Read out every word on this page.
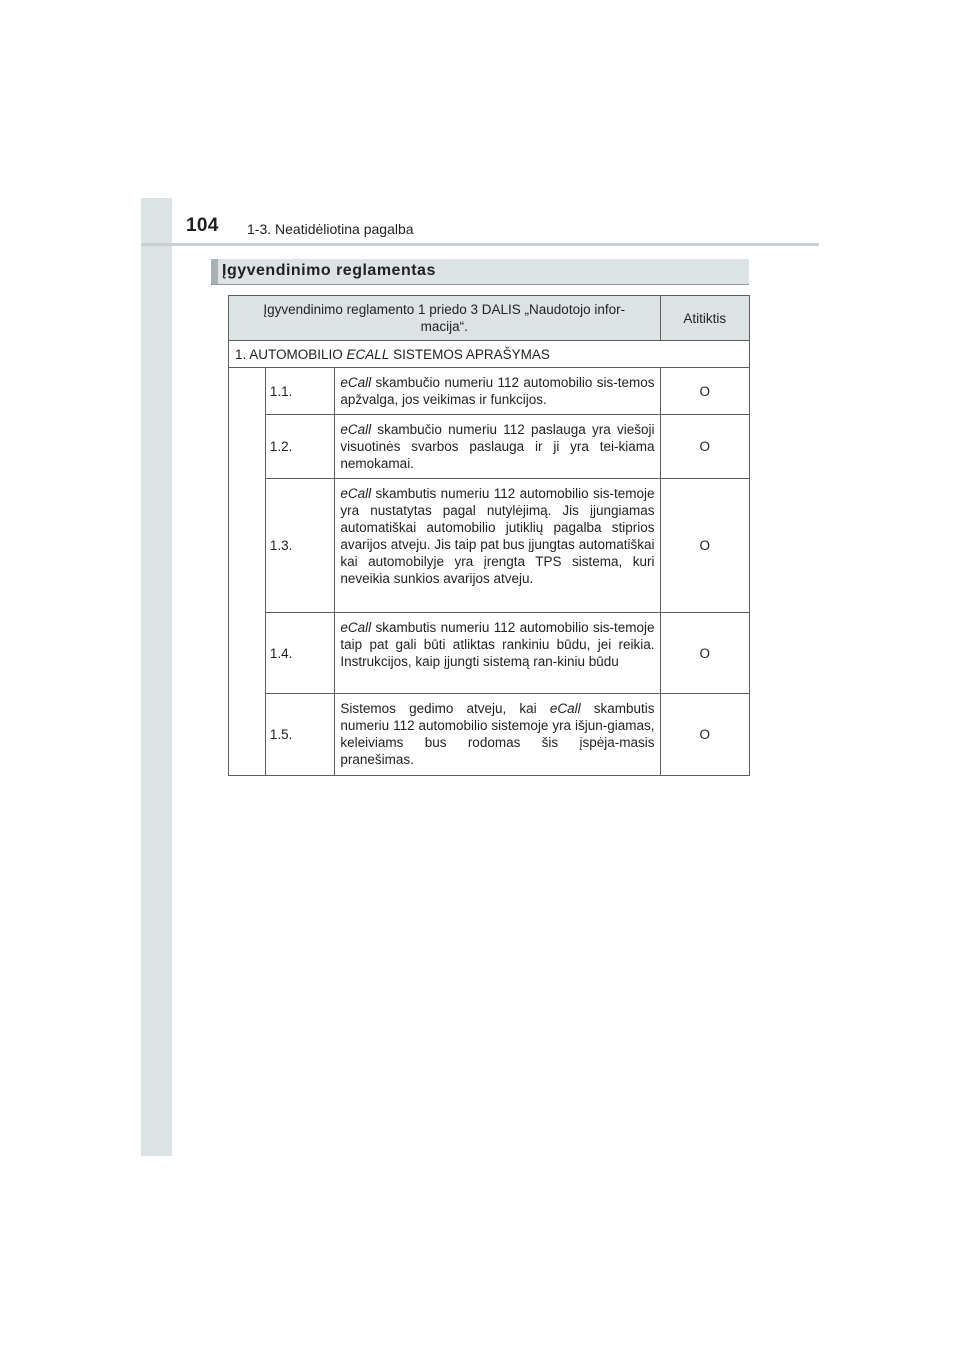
104 1-3. Neatidėliotina pagalba
Įgyvendinimo reglamentas
Įgyvendinimo reglamento 1 priedo 3 DALIS „Naudotojo infor-macija“.			Atitiktis
1. AUTOMOBILIO ECALL SISTEMOS APRAŠYMAS			
	1.1.	eCall skambučio numeriu 112 automobilio sis-temos apžvalga, jos veikimas ir funkcijos.	O
	1.2.	eCall skambučio numeriu 112 paslauga yra viešoji visuotinės svarbos paslauga ir ji yra tei-kiama nemokamai.	O
	1.3.	eCall skambutis numeriu 112 automobilio sis-temoje yra nustatytas pagal nutylėjimą. Jis įjungiamas automatiškai automobilio jutiklių pagalba stiprios avarijos atveju. Jis taip pat bus įjungtas automatiškai kai automobilyje yra įrengta TPS sistema, kuri neveikia sunkios avarijos atveju.	O
	1.4.	eCall skambutis numeriu 112 automobilio sis-temoje taip pat gali būti atliktas rankiniu būdu, jei reikia. Instrukcijos, kaip įjungti sistemą ran-kiniu būdu	O
	1.5.	Sistemos gedimo atveju, kai eCall skambutis numeriu 112 automobilio sistemoje yra išjun-giamas, keleiviams bus rodomas šis įspėja-masis pranešimas.	O
